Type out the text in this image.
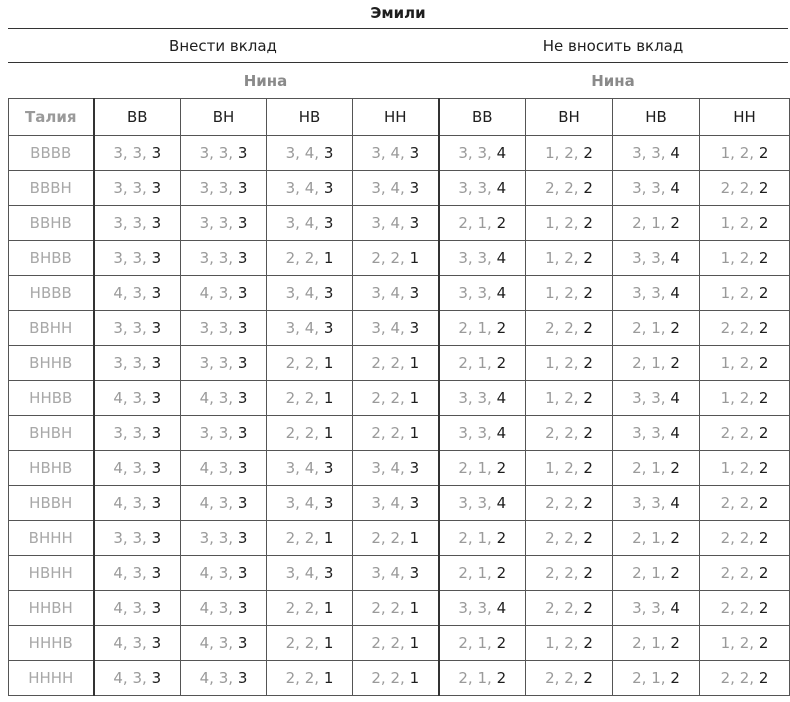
Эмили
Внести вклад	Не вносить вклад
Нина	Нина
Талия	ВВ	ВН	НВ	НН	ВВ	ВН	НВ	НН
ВВВВ	3, 3, 3	3, 3, 3	3, 4, 3	3, 4, 3	3, 3, 4	1, 2, 2	3, 3, 4	1, 2, 2
ВВВН	3, 3, 3	3, 3, 3	3, 4, 3	3, 4, 3	3, 3, 4	2, 2, 2	3, 3, 4	2, 2, 2
ВВНВ	3, 3, 3	3, 3, 3	3, 4, 3	3, 4, 3	2, 1, 2	1, 2, 2	2, 1, 2	1, 2, 2
ВНВВ	3, 3, 3	3, 3, 3	2, 2, 1	2, 2, 1	3, 3, 4	1, 2, 2	3, 3, 4	1, 2, 2
НВВВ	4, 3, 3	4, 3, 3	3, 4, 3	3, 4, 3	3, 3, 4	1, 2, 2	3, 3, 4	1, 2, 2
ВВНН	3, 3, 3	3, 3, 3	3, 4, 3	3, 4, 3	2, 1, 2	2, 2, 2	2, 1, 2	2, 2, 2
ВННВ	3, 3, 3	3, 3, 3	2, 2, 1	2, 2, 1	2, 1, 2	1, 2, 2	2, 1, 2	1, 2, 2
ННВВ	4, 3, 3	4, 3, 3	2, 2, 1	2, 2, 1	3, 3, 4	1, 2, 2	3, 3, 4	1, 2, 2
ВНВН	3, 3, 3	3, 3, 3	2, 2, 1	2, 2, 1	3, 3, 4	2, 2, 2	3, 3, 4	2, 2, 2
НВНВ	4, 3, 3	4, 3, 3	3, 4, 3	3, 4, 3	2, 1, 2	1, 2, 2	2, 1, 2	1, 2, 2
НВВН	4, 3, 3	4, 3, 3	3, 4, 3	3, 4, 3	3, 3, 4	2, 2, 2	3, 3, 4	2, 2, 2
ВННН	3, 3, 3	3, 3, 3	2, 2, 1	2, 2, 1	2, 1, 2	2, 2, 2	2, 1, 2	2, 2, 2
НВНН	4, 3, 3	4, 3, 3	3, 4, 3	3, 4, 3	2, 1, 2	2, 2, 2	2, 1, 2	2, 2, 2
ННВН	4, 3, 3	4, 3, 3	2, 2, 1	2, 2, 1	3, 3, 4	2, 2, 2	3, 3, 4	2, 2, 2
НННВ	4, 3, 3	4, 3, 3	2, 2, 1	2, 2, 1	2, 1, 2	1, 2, 2	2, 1, 2	1, 2, 2
НННН	4, 3, 3	4, 3, 3	2, 2, 1	2, 2, 1	2, 1, 2	2, 2, 2	2, 1, 2	2, 2, 2
